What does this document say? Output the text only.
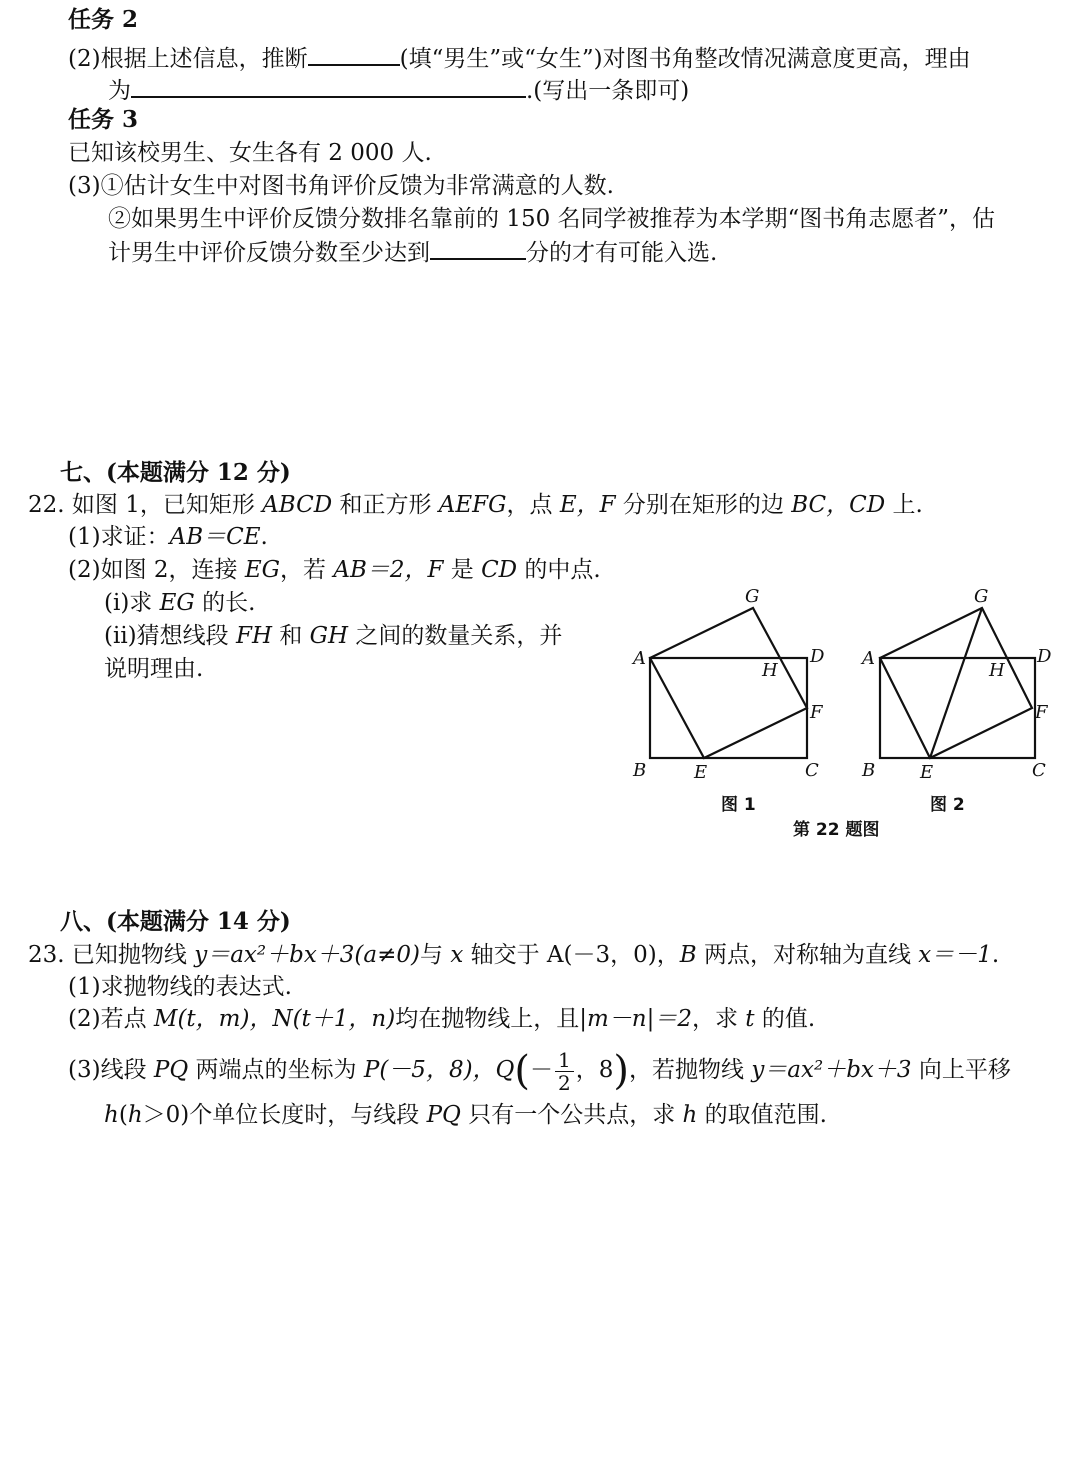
任务 2
(2)根据上述信息，推断	(填“男生”或“女生”)对图书角整改情况满意度更高，理由
为	.(写出一条即可)
任务 3
已知该校男生、女生各有 2 000 人.
(3)①估计女生中对图书角评价反馈为非常满意的人数.
②如果男生中评价反馈分数排名靠前的 150 名同学被推荐为本学期“图书角志愿者”，估
计男生中评价反馈分数至少达到	分的才有可能入选.
七、(本题满分 12 分)
22. 如图 1，已知矩形 ABCD 和正方形 AEFG，点 E，F 分别在矩形的边 BC，CD 上.
(1)求证：AB＝CE.
(2)如图 2，连接 EG，若 AB＝2，F 是 CD 的中点.
(ⅰ)求 EG 的长.
(ⅱ)猜想线段 FH 和 GH 之间的数量关系，并
说明理由.	A
B	C
D
E
F
G
H
A
B	C
D
E
F
G
H
图 1	图 2
第 22 题图
八、(本题满分 14 分)
23. 已知抛物线 y＝ax²＋bx＋3(a≠0)与 x 轴交于 A(－3，0)，B 两点，对称轴为直线 x＝－1.
(1)求抛物线的表达式.
(2)若点 M(t，m)，N(t＋1，n)均在抛物线上，且|m－n|＝2，求 t 的值.
(3)线段 PQ 两端点的坐标为 P(－5，8)，$Q(- \frac{1}{2}$ ，8)，若抛物线 y＝ax²＋bx＋3 向上平移
h(h＞0)个单位长度时，与线段 PQ 只有一个公共点，求 h 的取值范围.
